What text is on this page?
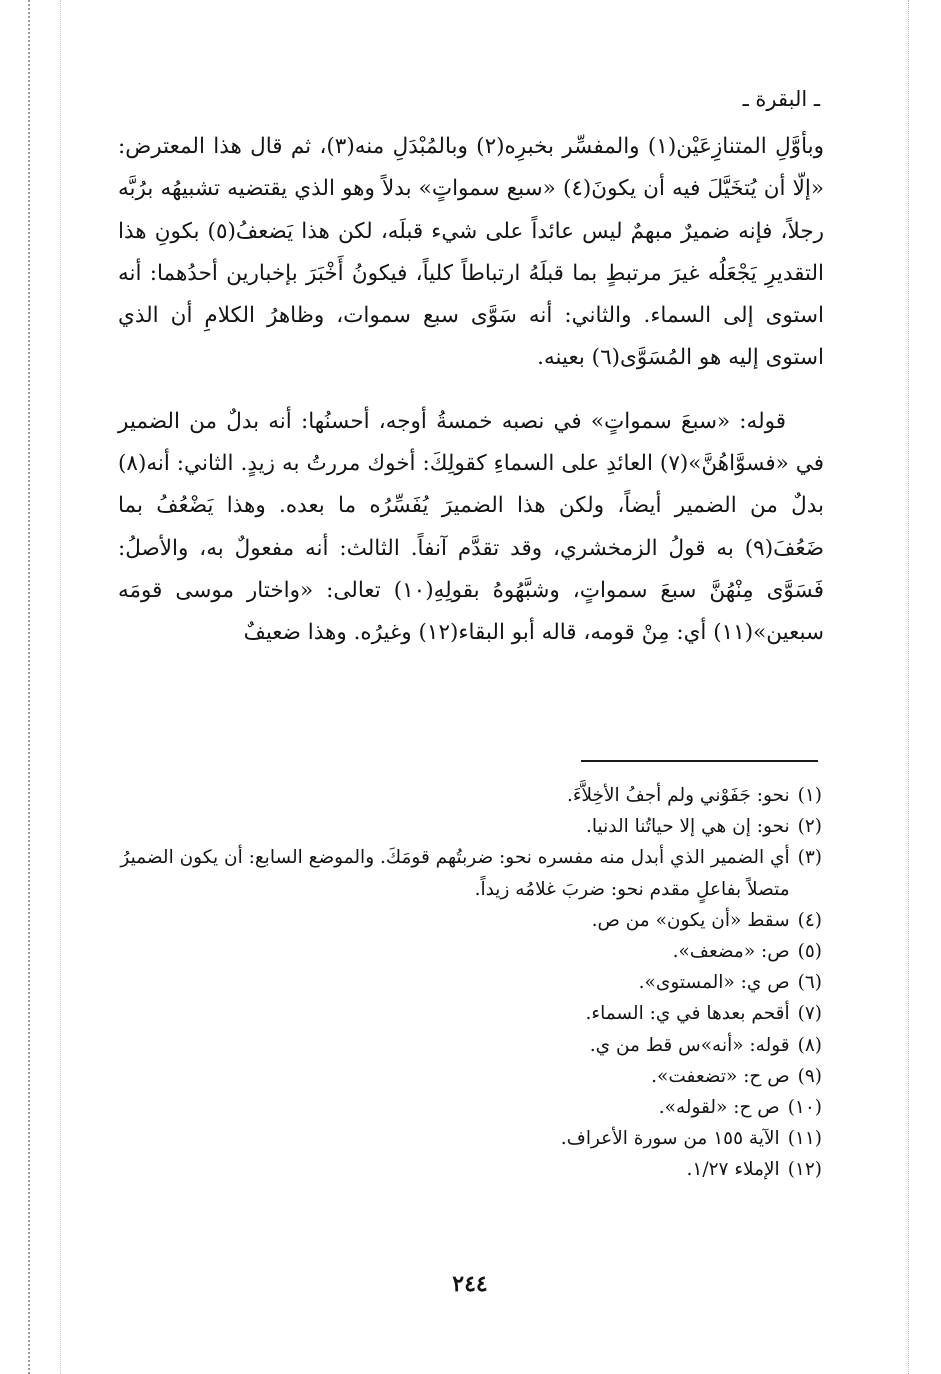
ـ البقرة ـ

وبأوَّلِ المتنازِعَيْن(١) والمفسِّر بخبرِه(٢) وبالمُبْدَلِ منه(٣)، ثم قال هذا المعترض: «إلّا أن يُتخَيَّلَ فيه أن يكونَ(٤) «سبع سمواتٍ» بدلاً وهو الذي يقتضيه تشبيهُه برُبَّه رجلاً، فإنه ضميرٌ مبهمٌ ليس عائداً على شيء قبلَه، لكن هذا يَضعفُ(٥) بكونِ هذا التقديرِ يَجْعَلُه غيرَ مرتبطٍ بما قبلَهُ ارتباطاً كلياً، فيكونُ أَخْبَرَ بإخبارين أحدُهما: أنه استوى إلى السماء. والثاني: أنه سَوَّى سبع سموات، وظاهرُ الكلامِ أن الذي استوى إليه هو المُسَوَّى(٦) بعينه.

قوله: «سبعَ سمواتٍ» في نصبه خمسةُ أوجه، أحسنُها: أنه بدلٌ من الضمير في «فسوَّاهُنَّ»(٧) العائدِ على السماءِ كقولِكَ: أخوك مررتُ به زيدٍ. الثاني: أنه(٨) بدلٌ من الضمير أيضاً، ولكن هذا الضميرَ يُفَسِّرُه ما بعده. وهذا يَضْعُفُ بما ضَعُفَ(٩) به قولُ الزمخشري، وقد تقدَّم آنفاً. الثالث: أنه مفعولٌ به، والأصلُ: فَسَوَّى مِنْهُنَّ سبعَ سمواتٍ، وشبَّهُوهُ بقولِهِ(١٠) تعالى: «واختار موسى قومَه سبعين»(١١) أي: مِنْ قومه، قاله أبو البقاء(١٢) وغيرُه. وهذا ضعيفٌ

(١)
نحو: جَفَوْني ولم أجفُ الأخِلاَّءَ.
(٢)
نحو: إن هي إلا حياتُنا الدنيا.
(٣)
أي الضمير الذي أبدل منه مفسره نحو: ضربتُهم قومَكَ. والموضع السابع: أن يكون الضميرُ متصلاً بفاعلٍ مقدم نحو: ضربَ غلامُه زيداً.
(٤)
سقط «أن يكون» من ص.
(٥)
ص: «مضعف».
(٦)
ص ي: «المستوى».
(٧)
أقحم بعدها في ي: السماء.
(٨)
قوله: «أنه»س قط من ي.
(٩)
ص ح: «تضعفت».
(١٠)
ص ح: «لقوله».
(١١)
الآية ١٥٥ من سورة الأعراف.
(١٢)
الإملاء ١/٢٧.
٢٤٤
